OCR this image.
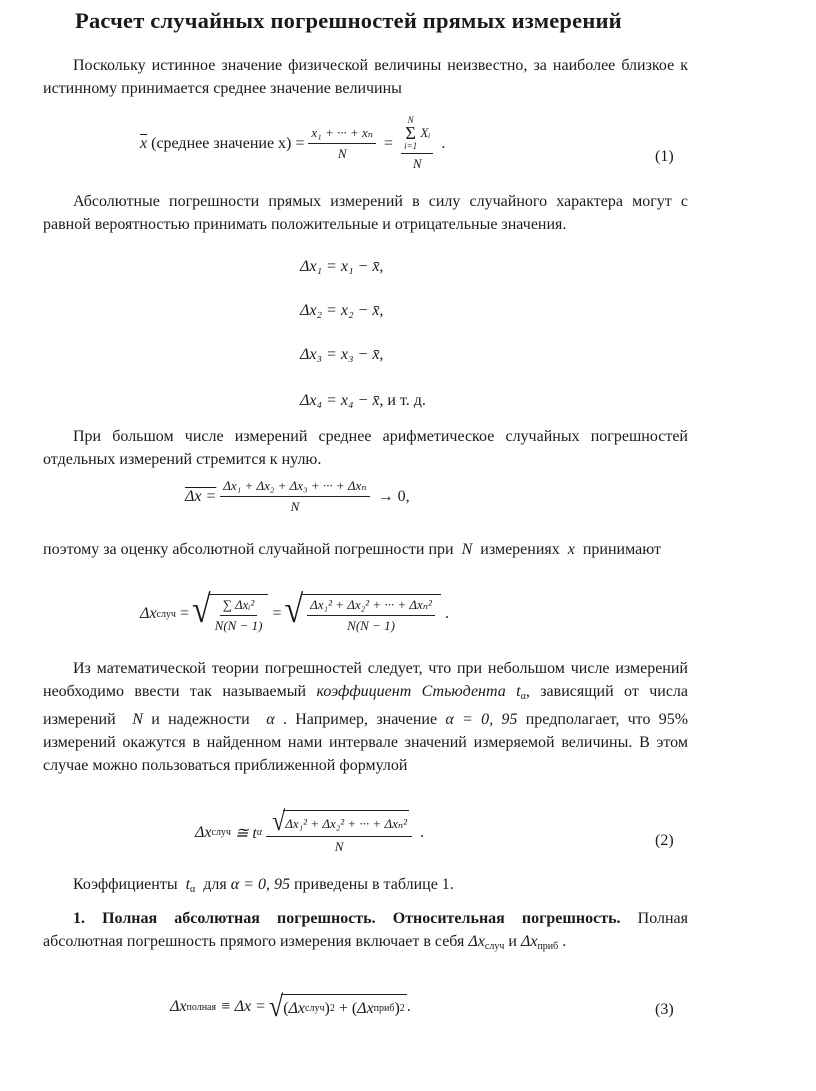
Расчет случайных погрешностей прямых измерений
Поскольку истинное значение физической величины неизвестно, за наиболее близкое к истинному принимается среднее значение величины
$\overline{x}$
(среднее значение $x) = \frac{\text{x₁ + ··· + xₙ}}{N} = N$
Σ
i=1

Xᵢ
N .
(1)
Абсолютные погрешности прямых измерений в силу случайного характера могут с равной вероятностью принимать положительные и отрицательные значения.
Δx₁ = x₁ − x̄,
Δx₂ = x₂ − x̄,
Δx₃ = x₃ − x̄,
Δx₄ = x₄ − x̄,
и т. д.
При большом числе измерений среднее арифметическое случайных погрешностей отдельных измерений стремится к нулю.
$\Delta x = \frac{\text{Δx₁ + Δx₂ + Δx₃ + ··· + Δxₙ}}{N}$
→ 0,
поэтому за оценку абсолютной случайной погрешности при  N  измерениях  x  принимают
Δx случ = √ $\frac{\text{∑ Δxᵢ²}}{N(N - 1)}$ = √ $\frac{\text{Δx₁² + Δx₂² + ··· + Δxₙ²}}{N(N - 1)}$ .
Из математической теории погрешностей следует, что при небольшом числе измерений необходимо ввести так называемый коэффициент Стьюдента $t_\alpha$, зависящий от числа измерений  N и надежности  α . Например, значение α = 0, 95 предполагает, что 95% измерений окажутся в найденном нами интервале значений измеряемой величины. В этом случае можно пользоваться приближенной формулой
Δx случ
≅ t α $\frac{\text{√ Δx₁² + Δx₂² + ··· + Δxₙ²}}{N}$ .	(2)
Коэффициенты  $t_\alpha$ для α = 0, 95 приведены в таблице 1.
1. Полная абсолютная погрешность. Относительная погрешность. Полная абсолютная погрешность прямого измерения включает в себя $\Delta x_{случ}$ и $\Delta x_{приб}$ .
Δx полная
≡ Δx = √ ( Δx случ ) 2 + ( Δx приб ) 2 .	(3)
